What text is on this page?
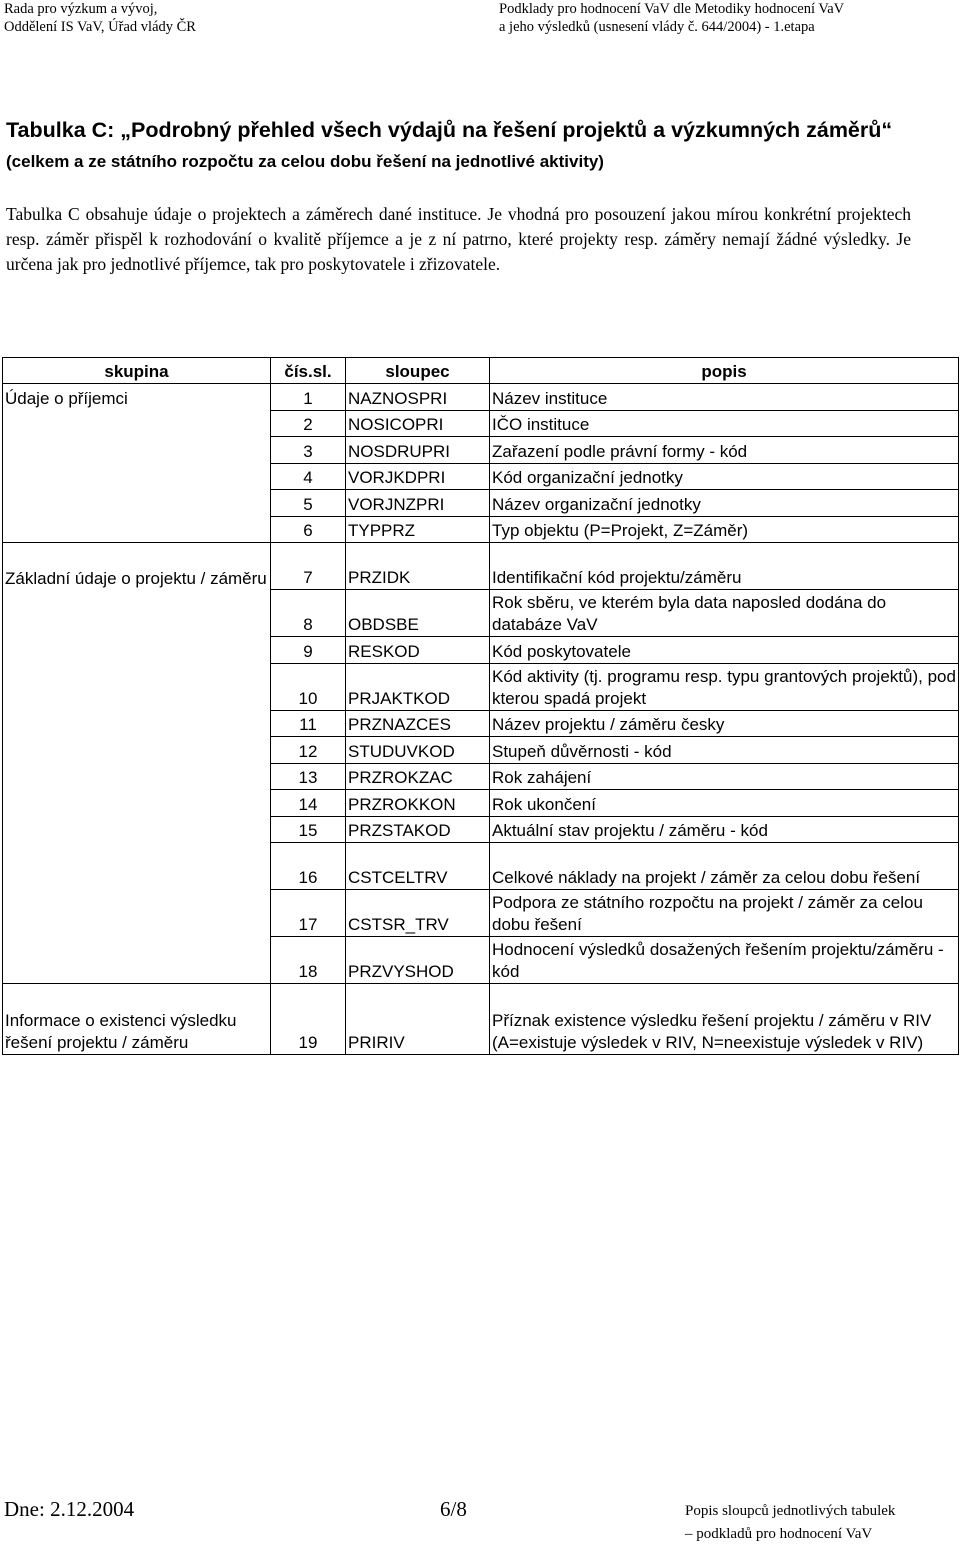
Rada pro výzkum a vývoj,
Oddělení IS VaV, Úřad vlády ČR
Podklady pro hodnocení VaV dle Metodiky hodnocení VaV
a jeho výsledků (usnesení vlády č. 644/2004) - 1.etapa
Tabulka C: „Podrobný přehled všech výdajů na řešení projektů a výzkumných záměrů“ (celkem a ze státního rozpočtu za celou dobu řešení na jednotlivé aktivity)
Tabulka C obsahuje údaje o projektech a záměrech dané instituce. Je vhodná pro posouzení jakou mírou konkrétní projektech resp. záměr přispěl k rozhodování o kvalitě příjemce a je z ní patrno, které projekty resp. záměry nemají žádné výsledky. Je určena jak pro jednotlivé příjemce, tak pro poskytovatele i zřizovatele.
skupina	čís.sl.	sloupec	popis
Údaje o příjemci	1	NAZNOSPRI	Název instituce
	2	NOSICOPRI	IČO instituce
	3	NOSDRUPRI	Zařazení podle právní formy - kód
	4	VORJKDPRI	Kód organizační jednotky
	5	VORJNZPRI	Název organizační jednotky
	6	TYPPRZ	Typ objektu (P=Projekt, Z=Záměr)
Základní údaje o projektu / záměru	7	PRZIDK	Identifikační kód projektu/záměru
	8	OBDSBE	Rok sběru, ve kterém byla data naposled dodána do databáze VaV
	9	RESKOD	Kód poskytovatele
	10	PRJAKTKOD	Kód aktivity (tj. programu resp. typu grantových projektů), pod kterou spadá projekt
	11	PRZNAZCES	Název projektu / záměru česky
	12	STUDUVKOD	Stupeň důvěrnosti - kód
	13	PRZROKZAC	Rok zahájení
	14	PRZROKKON	Rok ukončení
	15	PRZSTAKOD	Aktuální stav projektu / záměru - kód
	16	CSTCELTRV	Celkové náklady na projekt / záměr za celou dobu řešení
	17	CSTSR_TRV	Podpora ze státního rozpočtu na projekt / záměr za celou dobu řešení
	18	PRZVYSHOD	Hodnocení výsledků dosažených řešením projektu/záměru - kód
Informace o existenci výsledku řešení projektu / záměru	19	PRIRIV	Příznak existence výsledku řešení projektu / záměru v RIV (A=existuje výsledek v RIV, N=neexistuje výsledek v RIV)
Dne: 2.12.2004	6/8	Popis sloupců jednotlivých tabulek
– podkladů pro hodnocení VaV
